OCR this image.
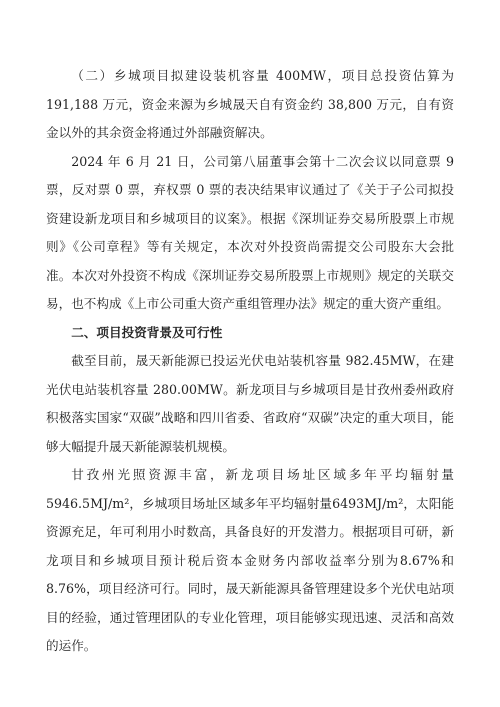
（二）乡城项目拟建设装机容量 400MW，项目总投资估算为191,188 万元，资金来源为乡城晟天自有资金约 38,800 万元，自有资金以外的其余资金将通过外部融资解决。

2024 年 6 月 21 日，公司第八届董事会第十二次会议以同意票 9 票，反对票 0 票，弃权票 0 票的表决结果审议通过了《关于子公司拟投资建设新龙项目和乡城项目的议案》。根据《深圳证券交易所股票上市规则》《公司章程》等有关规定，本次对外投资尚需提交公司股东大会批准。本次对外投资不构成《深圳证券交易所股票上市规则》规定的关联交易，也不构成《上市公司重大资产重组管理办法》规定的重大资产重组。

二、项目投资背景及可行性

截至目前，晟天新能源已投运光伏电站装机容量 982.45MW，在建光伏电站装机容量 280.00MW。新龙项目与乡城项目是甘孜州委州政府积极落实国家“双碳”战略和四川省委、省政府“双碳”决定的重大项目，能够大幅提升晟天新能源装机规模。

甘孜州光照资源丰富，新龙项目场址区域多年平均辐射量5946.5MJ/m²，乡城项目场址区域多年平均辐射量6493MJ/m²，太阳能资源充足，年可利用小时数高，具备良好的开发潜力。根据项目可研，新龙项目和乡城项目预计税后资本金财务内部收益率分别为8.67%和8.76%，项目经济可行。同时，晟天新能源具备管理建设多个光伏电站项目的经验，通过管理团队的专业化管理，项目能够实现迅速、灵活和高效的运作。
